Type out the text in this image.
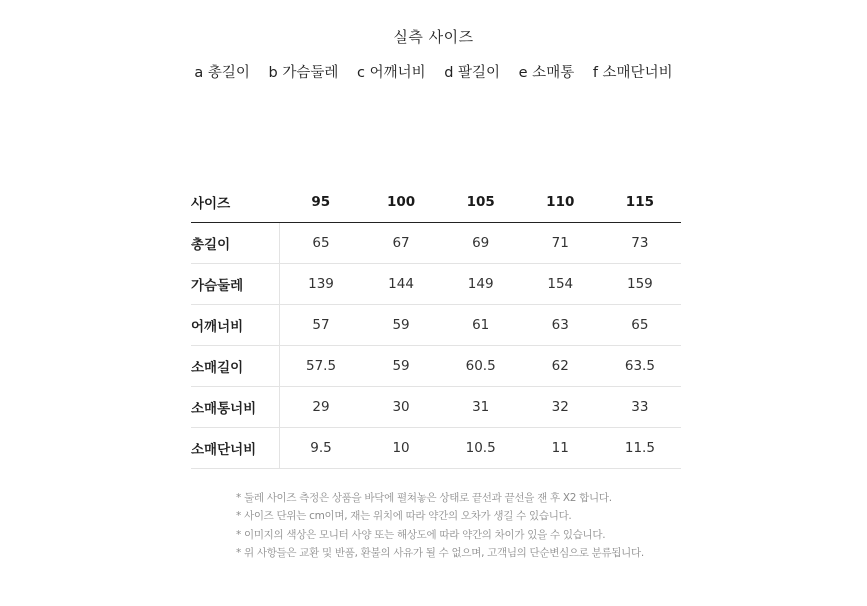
실측 사이즈
a 총길이 b 가슴둘레 c 어깨너비 d 팔길이 e 소매통 f 소매단너비
사이즈	95	100	105	110	115
총길이	65	67	69	71	73
가슴둘레	139	144	149	154	159
어깨너비	57	59	61	63	65
소매길이	57.5	59	60.5	62	63.5
소매통너비	29	30	31	32	33
소매단너비	9.5	10	10.5	11	11.5
* 둘레 사이즈 측정은 상품을 바닥에 펼쳐놓은 상태로 끝선과 끝선을 잰 후 X2 합니다.
* 사이즈 단위는 cm이며, 재는 위치에 따라 약간의 오차가 생길 수 있습니다.
* 이미지의 색상은 모니터 사양 또는 해상도에 따라 약간의 차이가 있을 수 있습니다.
* 위 사항들은 교환 및 반품, 환불의 사유가 될 수 없으며, 고객님의 단순변심으로 분류됩니다.
